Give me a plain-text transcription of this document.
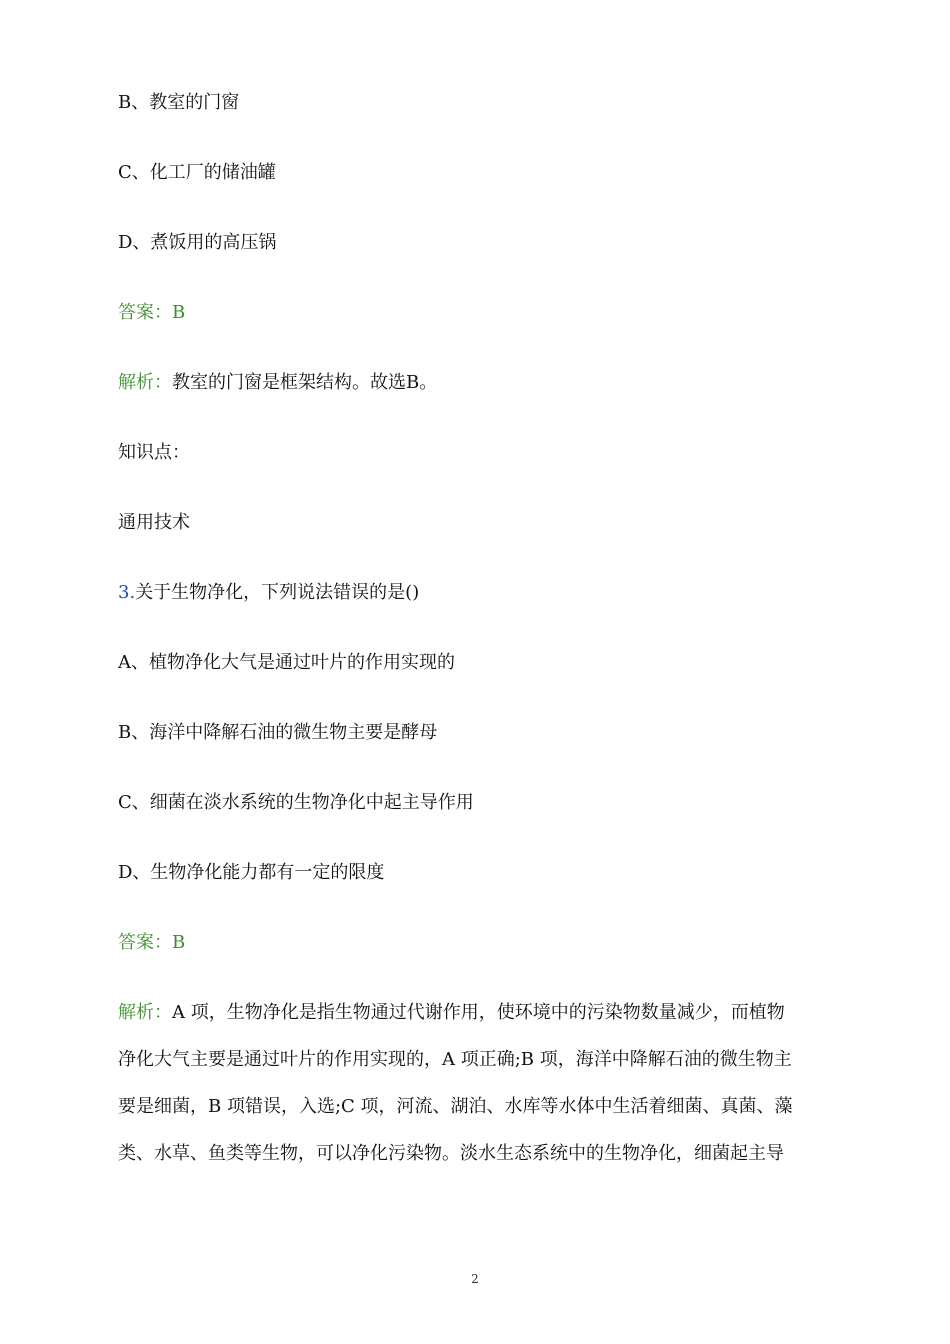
B、教室的门窗
C、化工厂的储油罐
D、煮饭用的高压锅
答案：B
解析：教室的门窗是框架结构。故选B。
知识点：
通用技术
3.关于生物净化，下列说法错误的是()
A、植物净化大气是通过叶片的作用实现的
B、海洋中降解石油的微生物主要是酵母
C、细菌在淡水系统的生物净化中起主导作用
D、生物净化能力都有一定的限度
答案：B
解析：A 项，生物净化是指生物通过代谢作用，使环境中的污染物数量减少，而植物
净化大气主要是通过叶片的作用实现的，A 项正确;B 项，海洋中降解石油的微生物主
要是细菌，B 项错误，入选;C 项，河流、湖泊、水库等水体中生活着细菌、真菌、藻
类、水草、鱼类等生物，可以净化污染物。淡水生态系统中的生物净化，细菌起主导
2
